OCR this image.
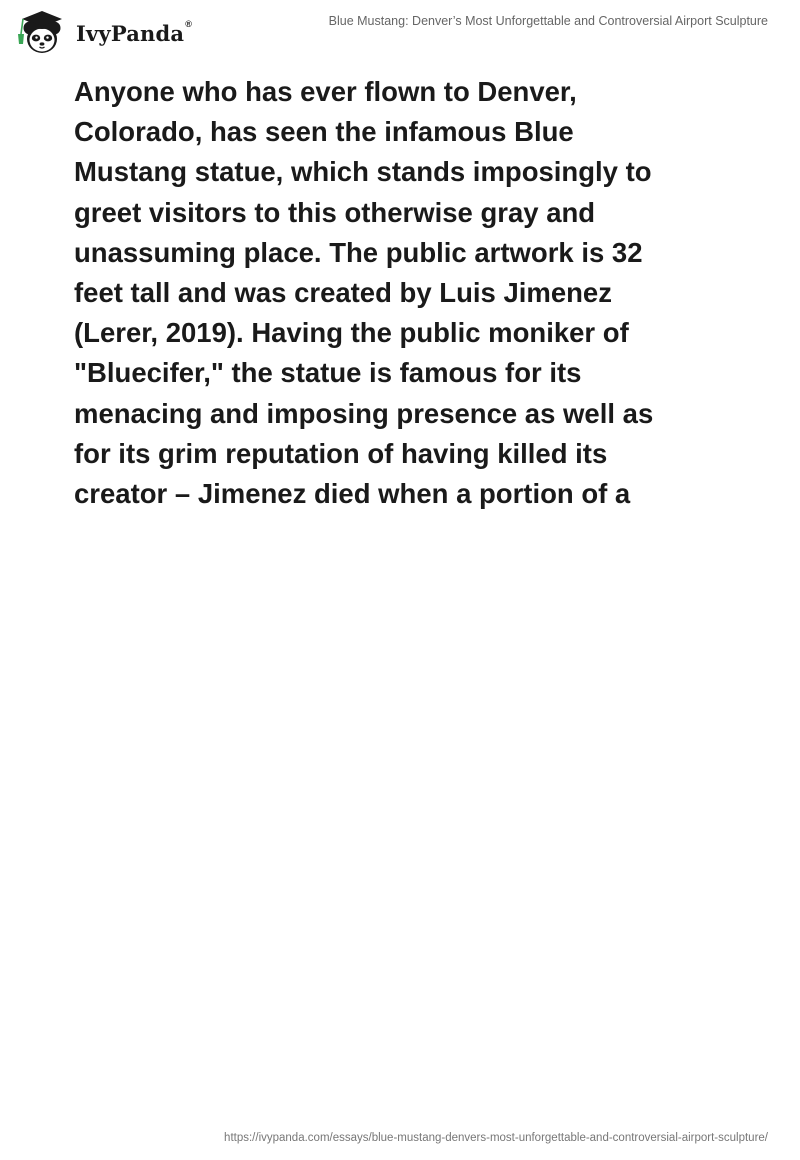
IvyPanda®	Blue Mustang: Denver’s Most Unforgettable and Controversial Airport Sculpture

Anyone who has ever flown to Denver,
Colorado, has seen the infamous Blue
Mustang statue, which stands imposingly to
greet visitors to this otherwise gray and
unassuming place. The public artwork is 32
feet tall and was created by Luis Jimenez
(Lerer, 2019). Having the public moniker of
"Bluecifer," the statue is famous for its
menacing and imposing presence as well as
for its grim reputation of having killed its
creator – Jimenez died when a portion of a

https://ivypanda.com/essays/blue-mustang-denvers-most-unforgettable-and-controversial-airport-sculpture/
